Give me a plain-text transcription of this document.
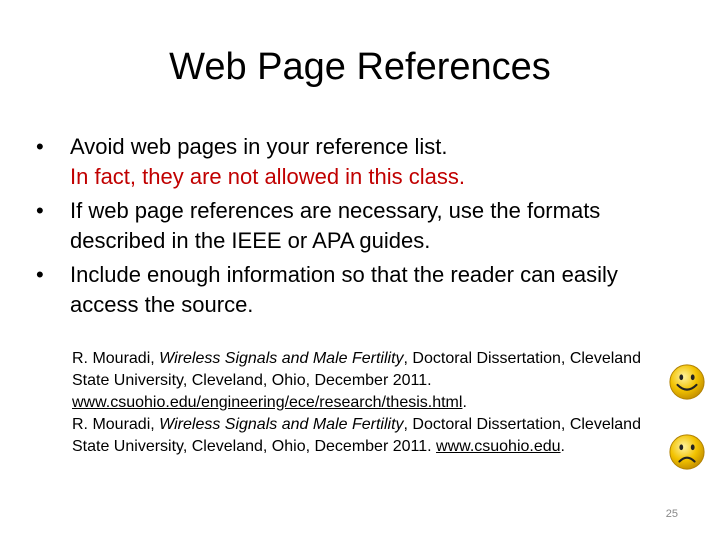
Web Page References
•	Avoid web pages in your reference list.
In fact, they are not allowed in this class.
•	If web page references are necessary, use the formats described in the IEEE or APA guides.
•	Include enough information so that the reader can easily access the source.
R. Mouradi, Wireless Signals and Male Fertility, Doctoral Dissertation, Cleveland State University, Cleveland, Ohio, December 2011. www.csuohio.edu/engineering/ece/research/thesis.html.
R. Mouradi, Wireless Signals and Male Fertility, Doctoral Dissertation, Cleveland State University, Cleveland, Ohio, December 2011. www.csuohio.edu.
25
